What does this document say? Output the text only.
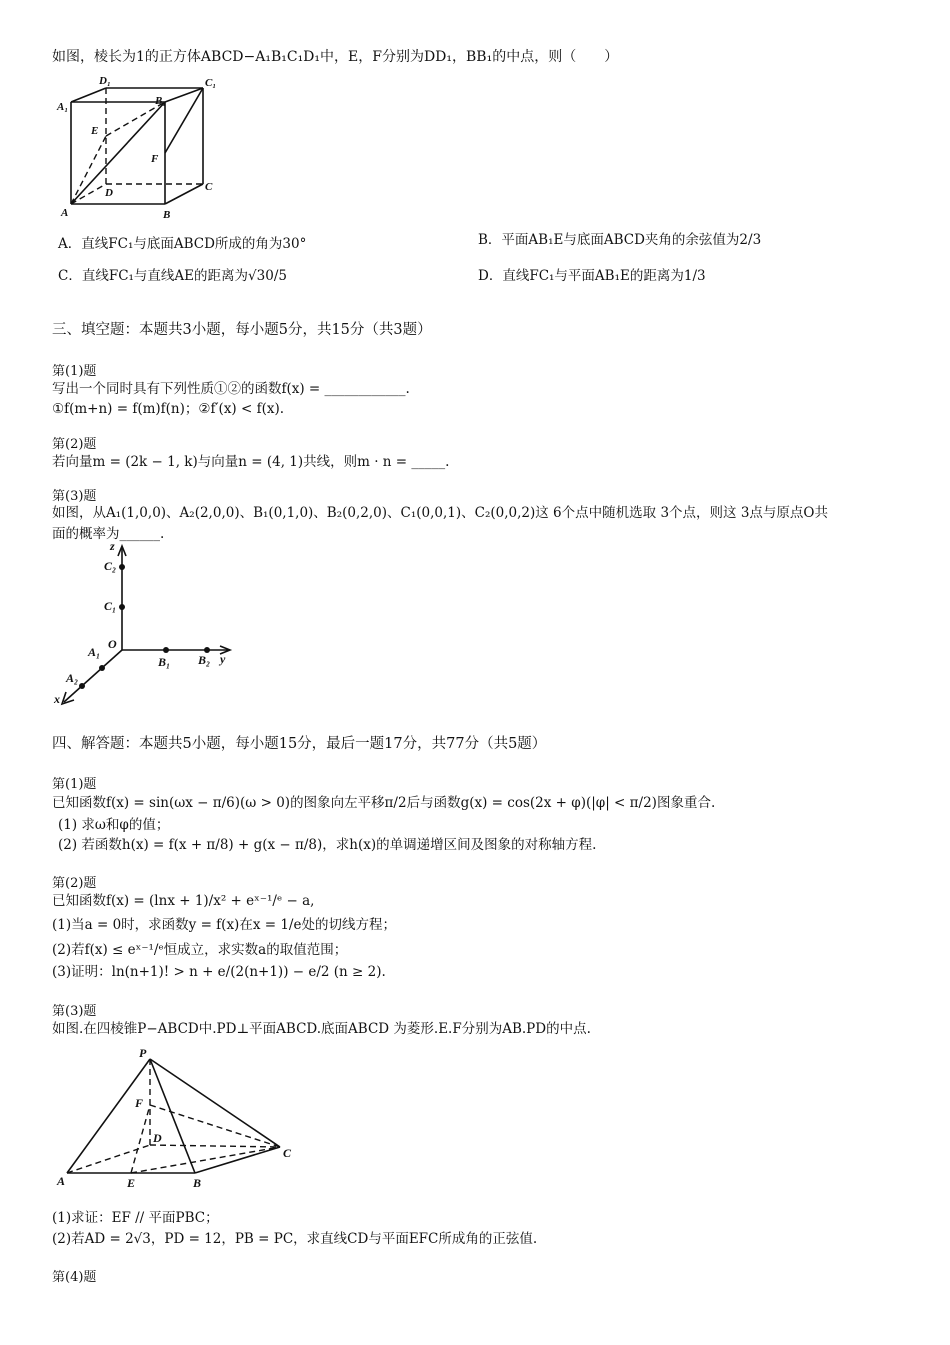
如图，棱长为1的正方体ABCD−A₁B₁C₁D₁中，E，F分别为DD₁，BB₁的中点，则（　　）
D₁	C₁
A₁	B₁
E
F
D	C
A	B
A．直线FC₁与底面ABCD所成的角为30°	B．平面AB₁E与底面ABCD夹角的余弦值为2/3
C．直线FC₁与直线AE的距离为√30/5	D．直线FC₁与平面AB₁E的距离为1/3
三、填空题：本题共3小题，每小题5分，共15分（共3题）
第(1)题
写出一个同时具有下列性质①②的函数f(x) = ____________.
①f(m+n) = f(m)f(n)；②f′(x) < f(x).
第(2)题
若向量m = (2k − 1, k)与向量n = (4, 1)共线，则m · n = _____.
第(3)题
如图，从A₁(1,0,0)、A₂(2,0,0)、B₁(0,1,0)、B₂(0,2,0)、C₁(0,0,1)、C₂(0,0,2)这 6个点中随机选取 3个点，则这 3点与原点O共
面的概率为______.
z
C₂
C₁
A₁
O
B₁ B₂ y
A₂
x
四、解答题：本题共5小题，每小题15分，最后一题17分，共77分（共5题）
第(1)题
已知函数f(x) = sin(ωx − π/6)(ω > 0)的图象向左平移π/2后与函数g(x) = cos(2x + φ)(|φ| < π/2)图象重合.
(1) 求ω和φ的值；
(2) 若函数h(x) = f(x + π/8) + g(x − π/8)，求h(x)的单调递增区间及图象的对称轴方程.
第(2)题
已知函数f(x) = (lnx + 1)/x² + eˣ⁻¹/ᵉ − a,
(1)当a = 0时，求函数y = f(x)在x = 1/e处的切线方程；
(2)若f(x) ≤ eˣ⁻¹/ᵉ恒成立，求实数a的取值范围；
(3)证明：ln(n+1)! > n + e/(2(n+1)) − e/2 (n ≥ 2).
第(3)题
如图.在四棱锥P−ABCD中.PD⊥平面ABCD.底面ABCD 为菱形.E.F分别为AB.PD的中点.
P
F
D
C
A	E	B
(1)求证：EF // 平面PBC；
(2)若AD = 2√3，PD = 12，PB = PC，求直线CD与平面EFC所成角的正弦值.
第(4)题
